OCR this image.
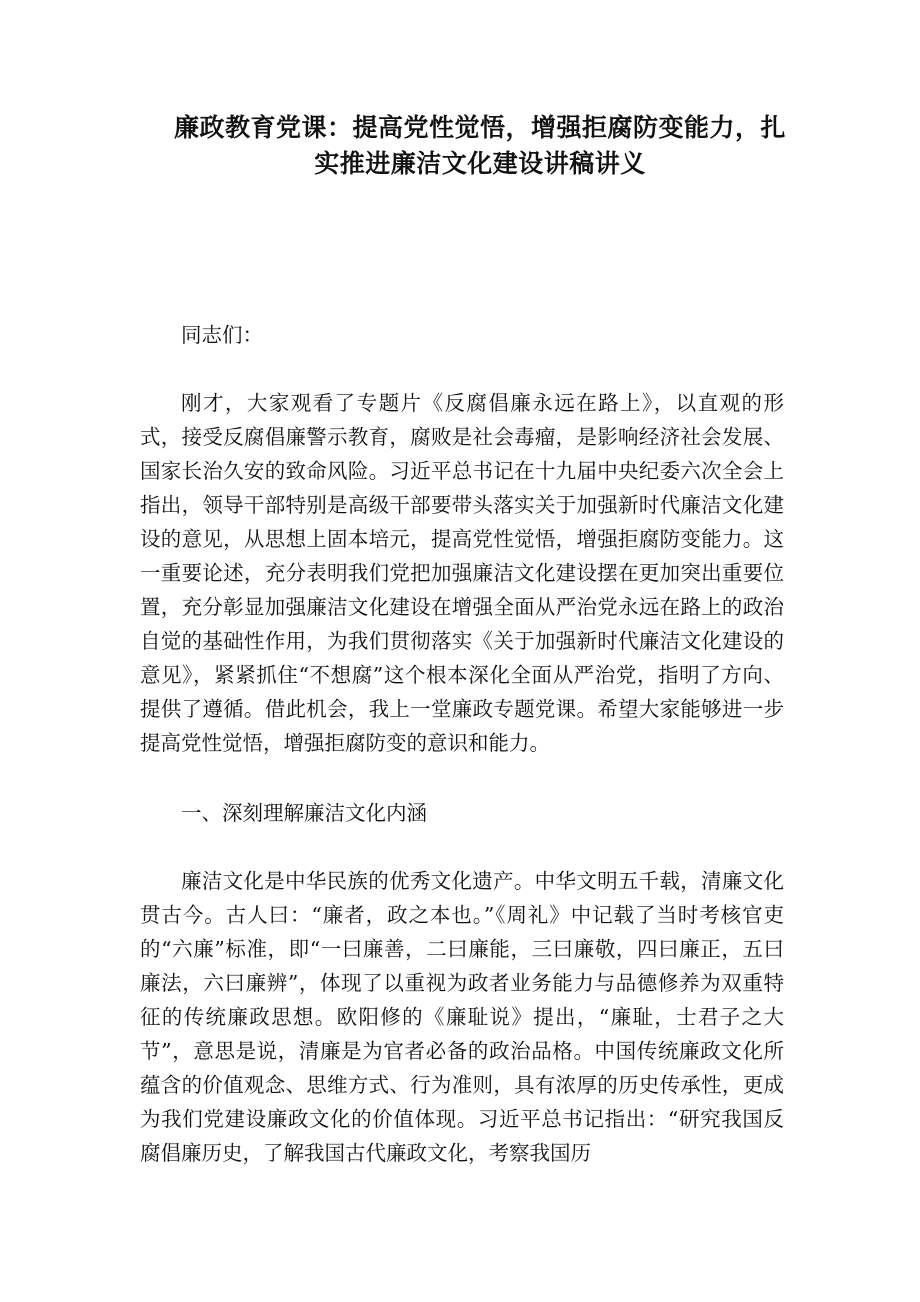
廉政教育党课：提高党性觉悟，增强拒腐防变能力，扎
实推进廉洁文化建设讲稿讲义

同志们：

刚才，大家观看了专题片《反腐倡廉永远在路上》，以直观的形式，接受反腐倡廉警示教育，腐败是社会毒瘤，是影响经济社会发展、国家长治久安的致命风险。习近平总书记在十九届中央纪委六次全会上指出，领导干部特别是高级干部要带头落实关于加强新时代廉洁文化建设的意见，从思想上固本培元，提高党性觉悟，增强拒腐防变能力。这一重要论述，充分表明我们党把加强廉洁文化建设摆在更加突出重要位置，充分彰显加强廉洁文化建设在增强全面从严治党永远在路上的政治自觉的基础性作用，为我们贯彻落实《关于加强新时代廉洁文化建设的意见》，紧紧抓住“不想腐”这个根本深化全面从严治党，指明了方向、提供了遵循。借此机会，我上一堂廉政专题党课。希望大家能够进一步提高党性觉悟，增强拒腐防变的意识和能力。

一、深刻理解廉洁文化内涵

廉洁文化是中华民族的优秀文化遗产。中华文明五千载，清廉文化贯古今。古人曰：“廉者，政之本也。”《周礼》中记载了当时考核官吏的“六廉”标准，即“一曰廉善，二曰廉能，三曰廉敬，四曰廉正，五曰廉法，六曰廉辨”，体现了以重视为政者业务能力与品德修养为双重特征的传统廉政思想。欧阳修的《廉耻说》提出，“廉耻，士君子之大节”，意思是说，清廉是为官者必备的政治品格。中国传统廉政文化所蕴含的价值观念、思维方式、行为准则，具有浓厚的历史传承性，更成为我们党建设廉政文化的价值体现。习近平总书记指出：“研究我国反腐倡廉历史，了解我国古代廉政文化，考察我国历
